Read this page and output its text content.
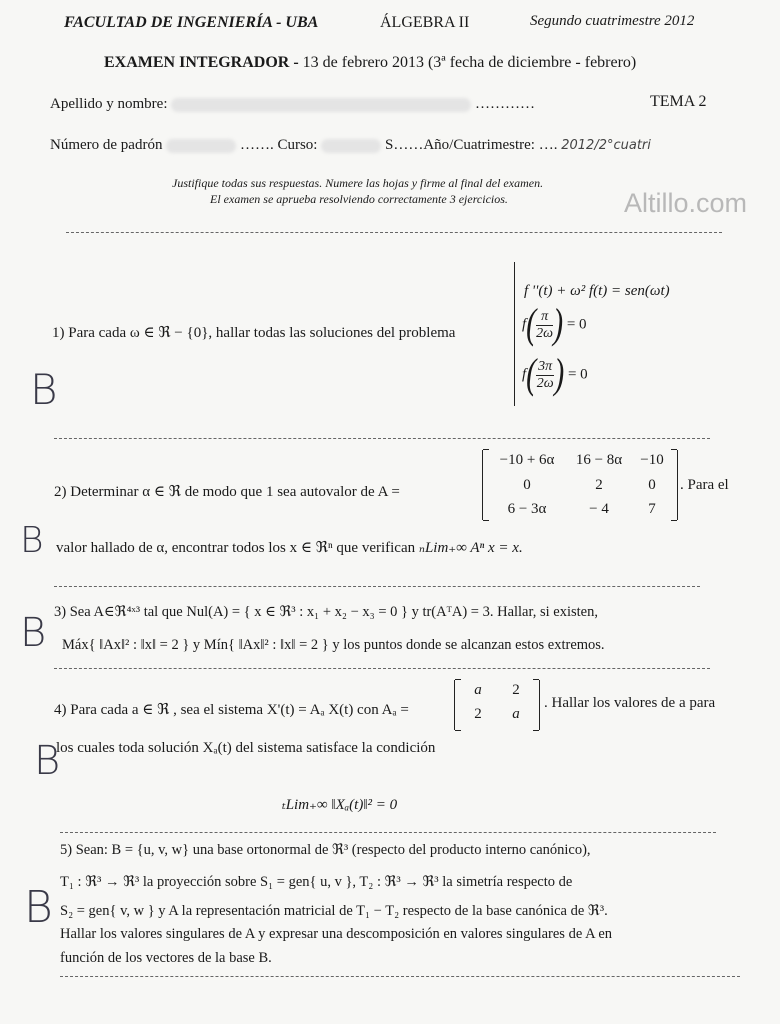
FACULTAD DE INGENIERÍA - UBA	ÁLGEBRA II	Segundo cuatrimestre 2012
EXAMEN INTEGRADOR - 13 de febrero 2013 (3ª fecha de diciembre - febrero)
Apellido y nombre:	…………	TEMA 2
Número de padrón	……. Curso:	S……Año/Cuatrimestre: …. 2012/2°cuatri
Justifique todas sus respuestas. Numere las hojas y firme al final del examen.
El examen se aprueba resolviendo correctamente 3 ejercicios.	Altillo.com
1) Para cada ω ∈ ℜ − {0}, hallar todas las soluciones del problema
f ''(t) + ω² f(t) = sen(ωt)
$f( \frac{\pi}{2\omega}$ ) = 0
$f( \frac{3\pi}{2\omega}$ ) = 0
B
2) Determinar α ∈ ℜ de modo que 1 sea autovalor de A =
−10 + 6α	16 − 8α	−10
0	2	0
6 − 3α	− 4	7
. Para el
valor hallado de α, encontrar todos los x ∈ ℜⁿ que verifican ₙLim₊∞ Aⁿ x = x.
B
3) Sea A∈ℜ⁴ˣ³ tal que Nul(A) = { x ∈ ℜ³ : x₁ + x₂ − x₃ = 0 } y tr(AᵀA) = 3. Hallar, si existen,
Máx{ ‖Ax‖² : ‖x‖ = 2 } y Mín{ ‖Ax‖² : ‖x‖ = 2 } y los puntos donde se alcanzan estos extremos.
B
4) Para cada a ∈ ℜ , sea el sistema X'(t) = Aₐ X(t) con Aₐ =
a	2
2	a
. Hallar los valores de a para
los cuales toda solución Xₐ(t) del sistema satisface la condición
ₜLim₊∞ ‖Xₐ(t)‖² = 0
B
5) Sean: B = {u, v, w} una base ortonormal de ℜ³ (respecto del producto interno canónico),
T₁ : ℜ³ → ℜ³ la proyección sobre S₁ = gen{ u, v }, T₂ : ℜ³ → ℜ³ la simetría respecto de
S₂ = gen{ v, w } y A la representación matricial de T₁ − T₂ respecto de la base canónica de ℜ³.
Hallar los valores singulares de A y expresar una descomposición en valores singulares de A en
función de los vectores de la base B.
B
